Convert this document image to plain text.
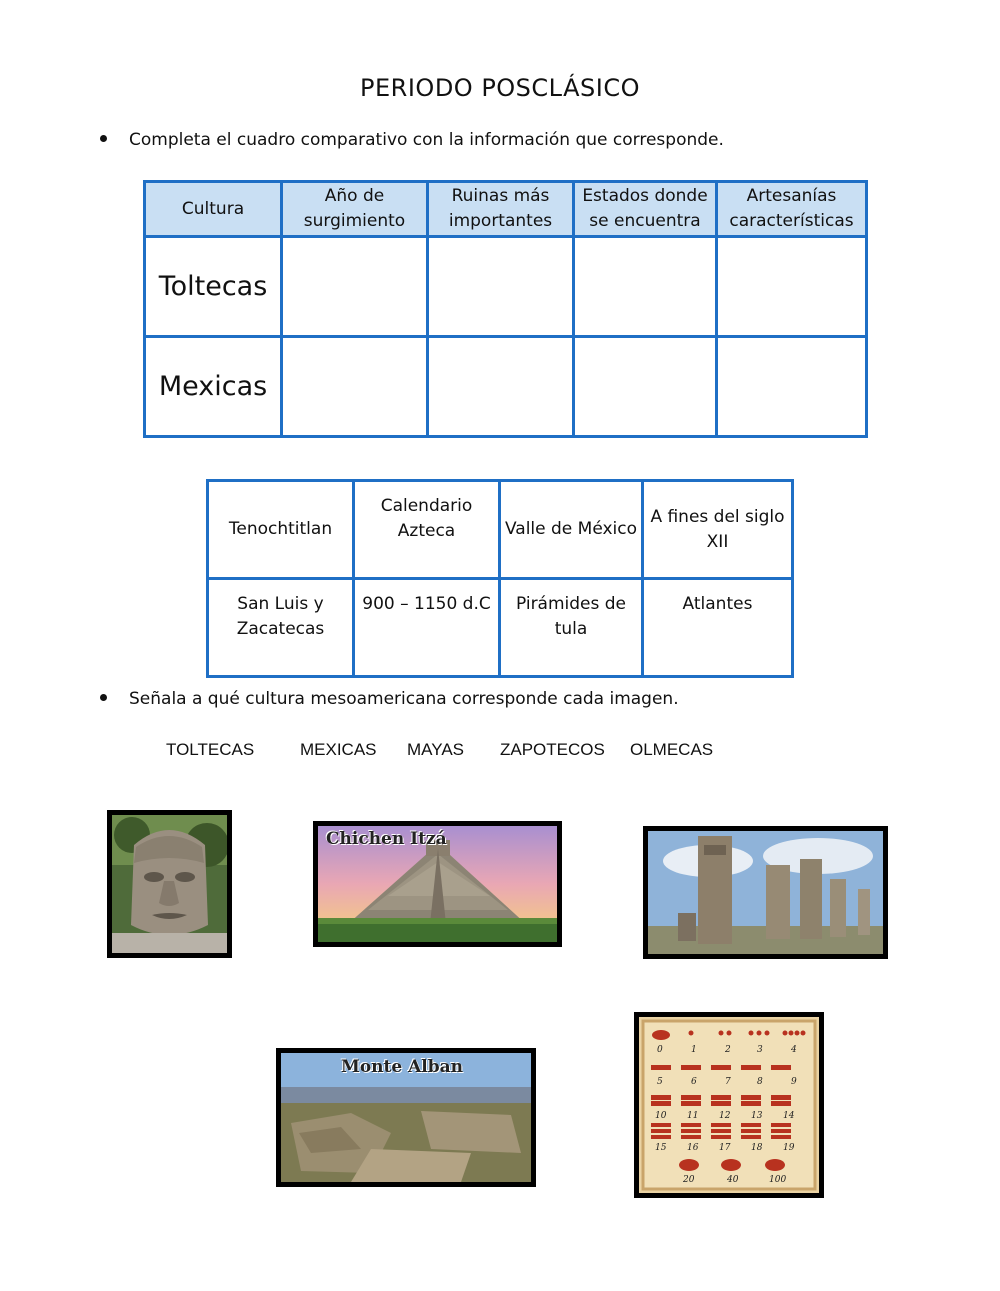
PERIODO POSCLÁSICO
Completa el cuadro comparativo con la información que corresponde.
Cultura	Año de surgimiento	Ruinas más importantes	Estados donde se encuentra	Artesanías características
Toltecas				
Mexicas				
Tenochtitlan	Calendario Azteca	Valle de México	A fines del siglo XII
San Luis y Zacatecas	900 – 1150 d.C	Pirámides de tula	Atlantes
Señala a qué cultura mesoamericana corresponde cada imagen.
TOLTECAS	MEXICAS MAYAS ZAPOTECOS OLMECAS
Chichen Itzá
Monte Alban
0	1	2	3	4
5	6	7	8	9
10 11 12 13 14
15 16 17 18 19
20	40	100
